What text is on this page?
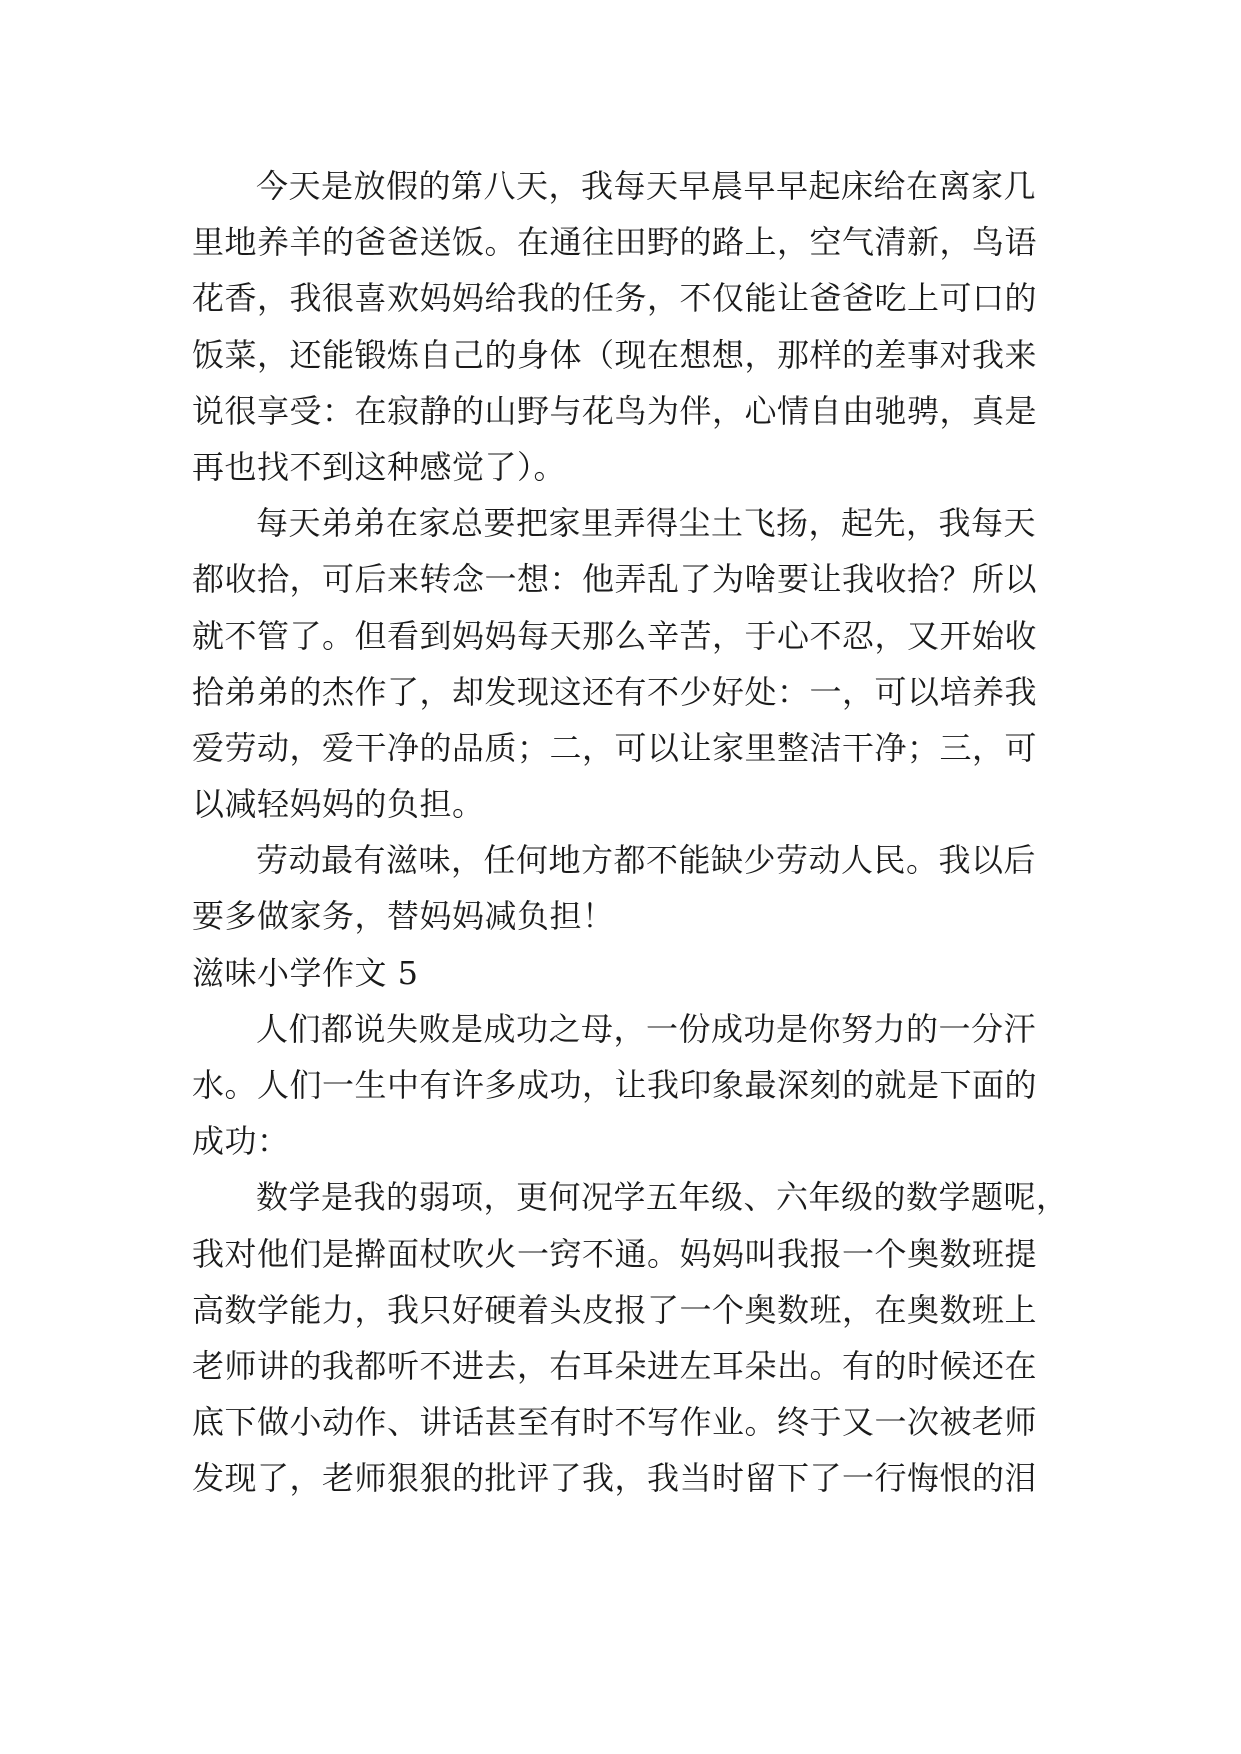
今天是放假的第八天，我每天早晨早早起床给在离家几
里地养羊的爸爸送饭。在通往田野的路上，空气清新，鸟语
花香，我很喜欢妈妈给我的任务，不仅能让爸爸吃上可口的
饭菜，还能锻炼自己的身体（现在想想，那样的差事对我来
说很享受：在寂静的山野与花鸟为伴，心情自由驰骋，真是
再也找不到这种感觉了）。

每天弟弟在家总要把家里弄得尘土飞扬，起先，我每天
都收拾，可后来转念一想：他弄乱了为啥要让我收拾？所以
就不管了。但看到妈妈每天那么辛苦，于心不忍，又开始收
拾弟弟的杰作了，却发现这还有不少好处：一，可以培养我
爱劳动，爱干净的品质；二，可以让家里整洁干净；三，可
以减轻妈妈的负担。

劳动最有滋味，任何地方都不能缺少劳动人民。我以后
要多做家务，替妈妈减负担！

滋味小学作文 5

人们都说失败是成功之母，一份成功是你努力的一分汗
水。人们一生中有许多成功，让我印象最深刻的就是下面的
成功：

数学是我的弱项，更何况学五年级、六年级的数学题呢，
我对他们是擀面杖吹火一窍不通。妈妈叫我报一个奥数班提
高数学能力，我只好硬着头皮报了一个奥数班，在奥数班上
老师讲的我都听不进去，右耳朵进左耳朵出。有的时候还在
底下做小动作、讲话甚至有时不写作业。终于又一次被老师
发现了，老师狠狠的批评了我，我当时留下了一行悔恨的泪
